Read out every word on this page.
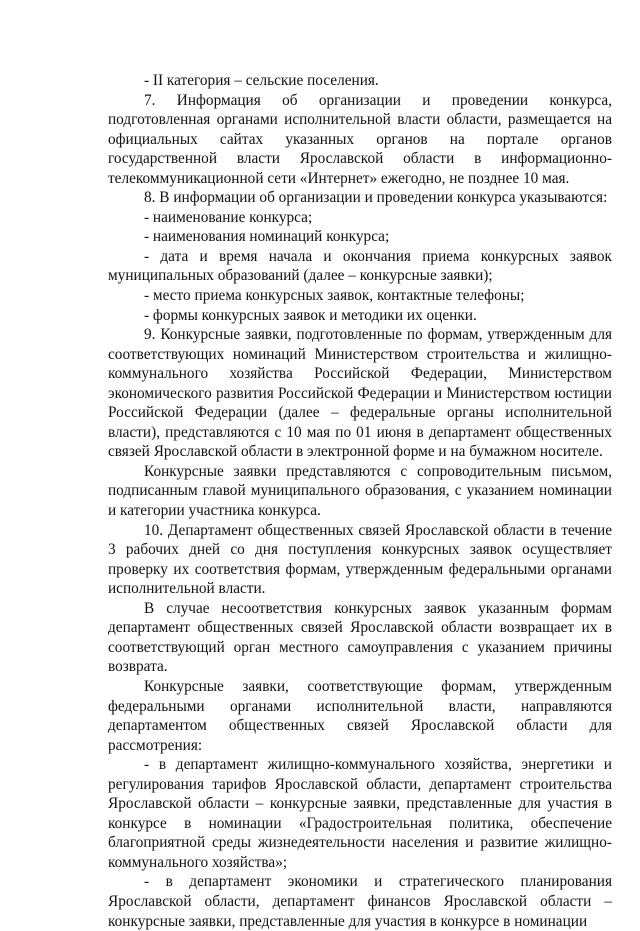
- II категория – сельские поселения.

7. Информация об организации и проведении конкурса, подготовленная органами исполнительной власти области, размещается на официальных сайтах указанных органов на портале органов государственной власти Ярославской области в информационно-телекоммуникационной сети «Интернет» ежегодно, не позднее 10 мая.

8. В информации об организации и проведении конкурса указываются:

- наименование конкурса;

- наименования номинаций конкурса;

- дата и время начала и окончания приема конкурсных заявок муниципальных образований (далее – конкурсные заявки);

- место приема конкурсных заявок, контактные телефоны;

- формы конкурсных заявок и методики их оценки.

9. Конкурсные заявки, подготовленные по формам, утвержденным для соответствующих номинаций Министерством строительства и жилищно-коммунального хозяйства Российской Федерации, Министерством экономического развития Российской Федерации и Министерством юстиции Российской Федерации (далее – федеральные органы исполнительной власти), представляются с 10 мая по 01 июня в департамент общественных связей Ярославской области в электронной форме и на бумажном носителе.

Конкурсные заявки представляются с сопроводительным письмом, подписанным главой муниципального образования, с указанием номинации и категории участника конкурса.

10. Департамент общественных связей Ярославской области в течение 3 рабочих дней со дня поступления конкурсных заявок осуществляет проверку их соответствия формам, утвержденным федеральными органами исполнительной власти.

В случае несоответствия конкурсных заявок указанным формам департамент общественных связей Ярославской области возвращает их в соответствующий орган местного самоуправления с указанием причины возврата.

Конкурсные заявки, соответствующие формам, утвержденным федеральными органами исполнительной власти, направляются департаментом общественных связей Ярославской области для рассмотрения:

- в департамент жилищно-коммунального хозяйства, энергетики и регулирования тарифов Ярославской области, департамент строительства Ярославской области – конкурсные заявки, представленные для участия в конкурсе в номинации «Градостроительная политика, обеспечение благоприятной среды жизнедеятельности населения и развитие жилищно-коммунального хозяйства»;

- в департамент экономики и стратегического планирования Ярославской области, департамент финансов Ярославской области – конкурсные заявки, представленные для участия в конкурсе в номинации
